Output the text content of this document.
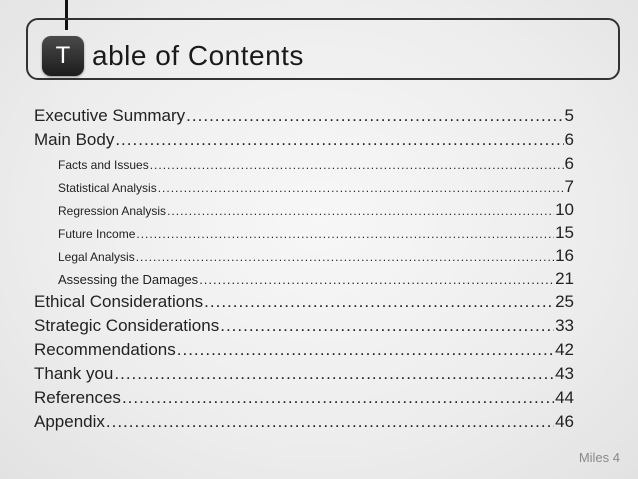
T able of Contents
Executive Summary .....	5
Main Body .....	6
Facts and Issues .....	6
Statistical Analysis .....	7
Regression Analysis .....	10
Future Income .....	15
Legal Analysis .....	16
Assessing the Damages .....	21
Ethical Considerations .....	25
Strategic Considerations .....	33
Recommendations .....	42
Thank you .....	43
References .....	44
Appendix .....	46
Miles 4
